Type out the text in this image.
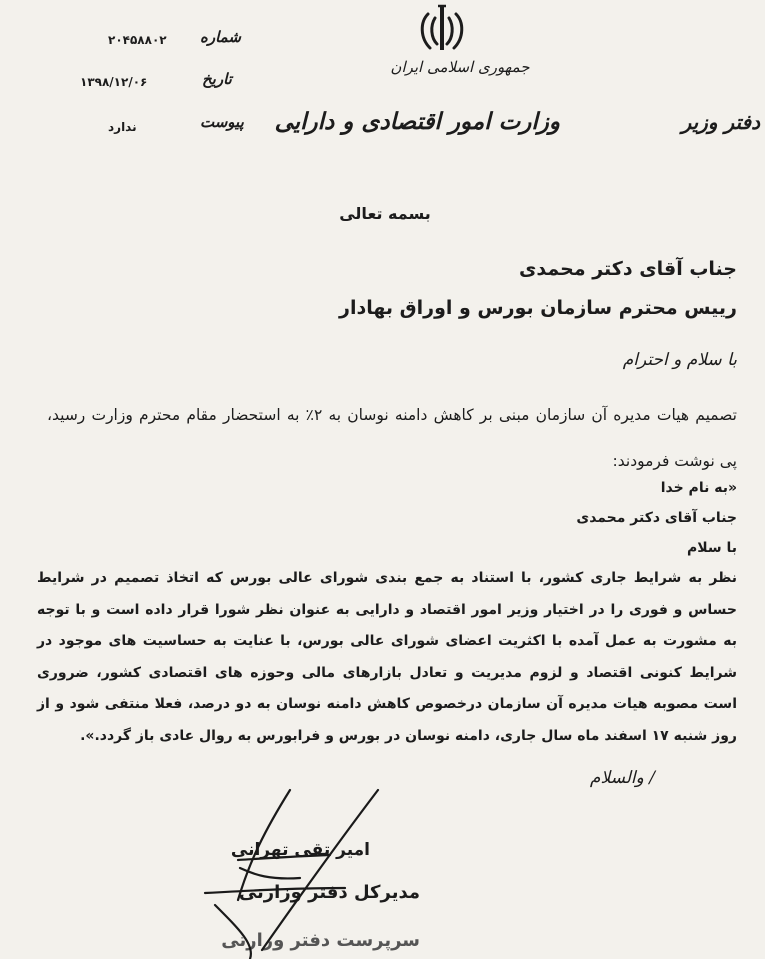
جمهوری اسلامی ایران
وزارت امور اقتصادی و دارایی	دفتر وزیر
شماره
۲۰۴۵۸۸۰۲
تاریخ
۱۳۹۸/۱۲/۰۶
پیوست
ندارد
بسمه تعالی
جناب آقای دکتر محمدی
رییس محترم سازمان بورس و اوراق بهادار
با سلام و احترام
تصمیم هیات مدیره آن سازمان مبنی بر کاهش دامنه نوسان به ۲٪ به استحضار مقام محترم وزارت رسید، پی نوشت فرمودند:
«به نام خدا
جناب آقای دکتر محمدی
با سلام
نظر به شرایط جاری کشور، با استناد به جمع بندی شورای عالی بورس که اتخاذ تصمیم در شرایط حساس و فوری را در اختیار وزیر امور اقتصاد و دارایی به عنوان نظر شورا قرار داده است و با توجه به مشورت به عمل آمده با اکثریت اعضای شورای عالی بورس، با عنایت به حساسیت های موجود در شرایط کنونی اقتصاد و لزوم مدیریت و تعادل بازارهای مالی وحوزه های اقتصادی کشور، ضروری است مصوبه هیات مدیره آن سازمان درخصوص کاهش دامنه نوسان به دو درصد، فعلا منتفی شود و از روز شنبه ۱۷ اسفند ماه سال جاری، دامنه نوسان در بورس و فرابورس به روال عادی باز گردد.».
/ والسلام
امیر تقی تهرانی
مدیرکل دفتر وزارتی
سرپرست دفتر وزارتی
